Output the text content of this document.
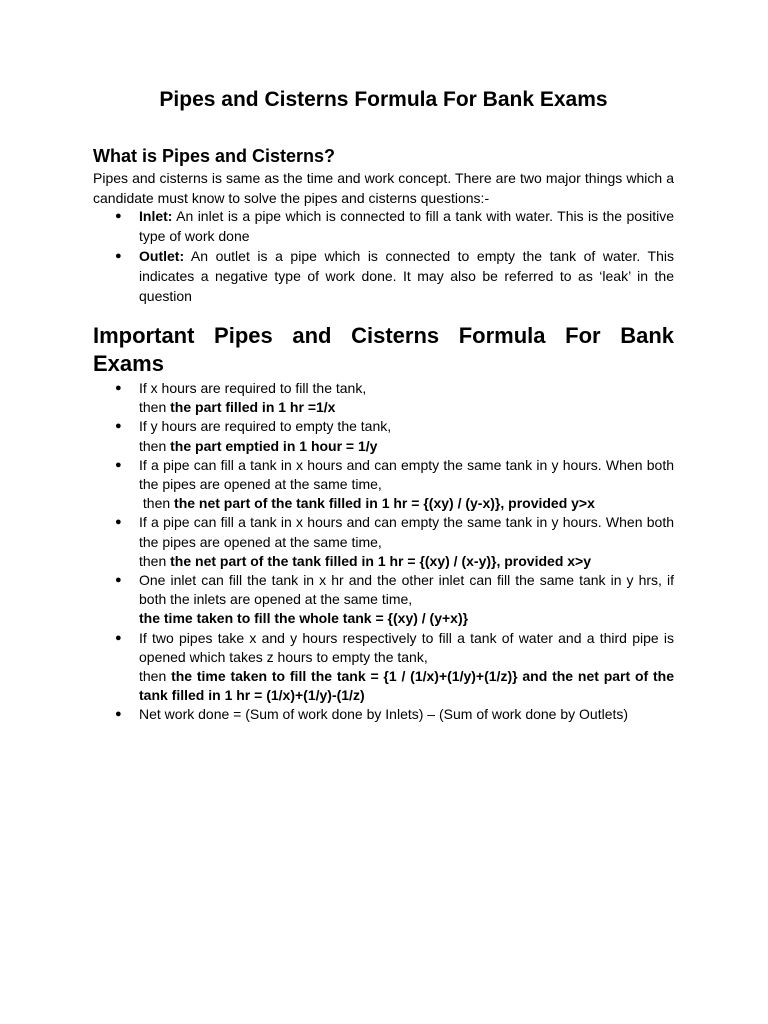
Pipes and Cisterns Formula For Bank Exams
What is Pipes and Cisterns?

Pipes and cisterns is same as the time and work concept. There are two major things which a candidate must know to solve the pipes and cisterns questions:-

● Inlet: An inlet is a pipe which is connected to fill a tank with water. This is the positive type of work done
● Outlet: An outlet is a pipe which is connected to empty the tank of water. This indicates a negative type of work done. It may also be referred to as ‘leak’ in the question
Important Pipes and Cisterns Formula For Bank Exams
● If x hours are required to fill the tank,
then the part filled in 1 hr =1/x
● If y hours are required to empty the tank,
then the part emptied in 1 hour = 1/y
● If a pipe can fill a tank in x hours and can empty the same tank in y hours. When both the pipes are opened at the same time,
then the net part of the tank filled in 1 hr = {(xy) / (y-x)}, provided y>x
● If a pipe can fill a tank in x hours and can empty the same tank in y hours. When both the pipes are opened at the same time,
then the net part of the tank filled in 1 hr = {(xy) / (x-y)}, provided x>y
● One inlet can fill the tank in x hr and the other inlet can fill the same tank in y hrs, if both the inlets are opened at the same time,
the time taken to fill the whole tank = {(xy) / (y+x)}
● If two pipes take x and y hours respectively to fill a tank of water and a third pipe is opened which takes z hours to empty the tank,
then the time taken to fill the tank = {1 / (1/x)+(1/y)+(1/z)} and the net part of the tank filled in 1 hr = (1/x)+(1/y)-(1/z)
● Net work done = (Sum of work done by Inlets) – (Sum of work done by Outlets)
